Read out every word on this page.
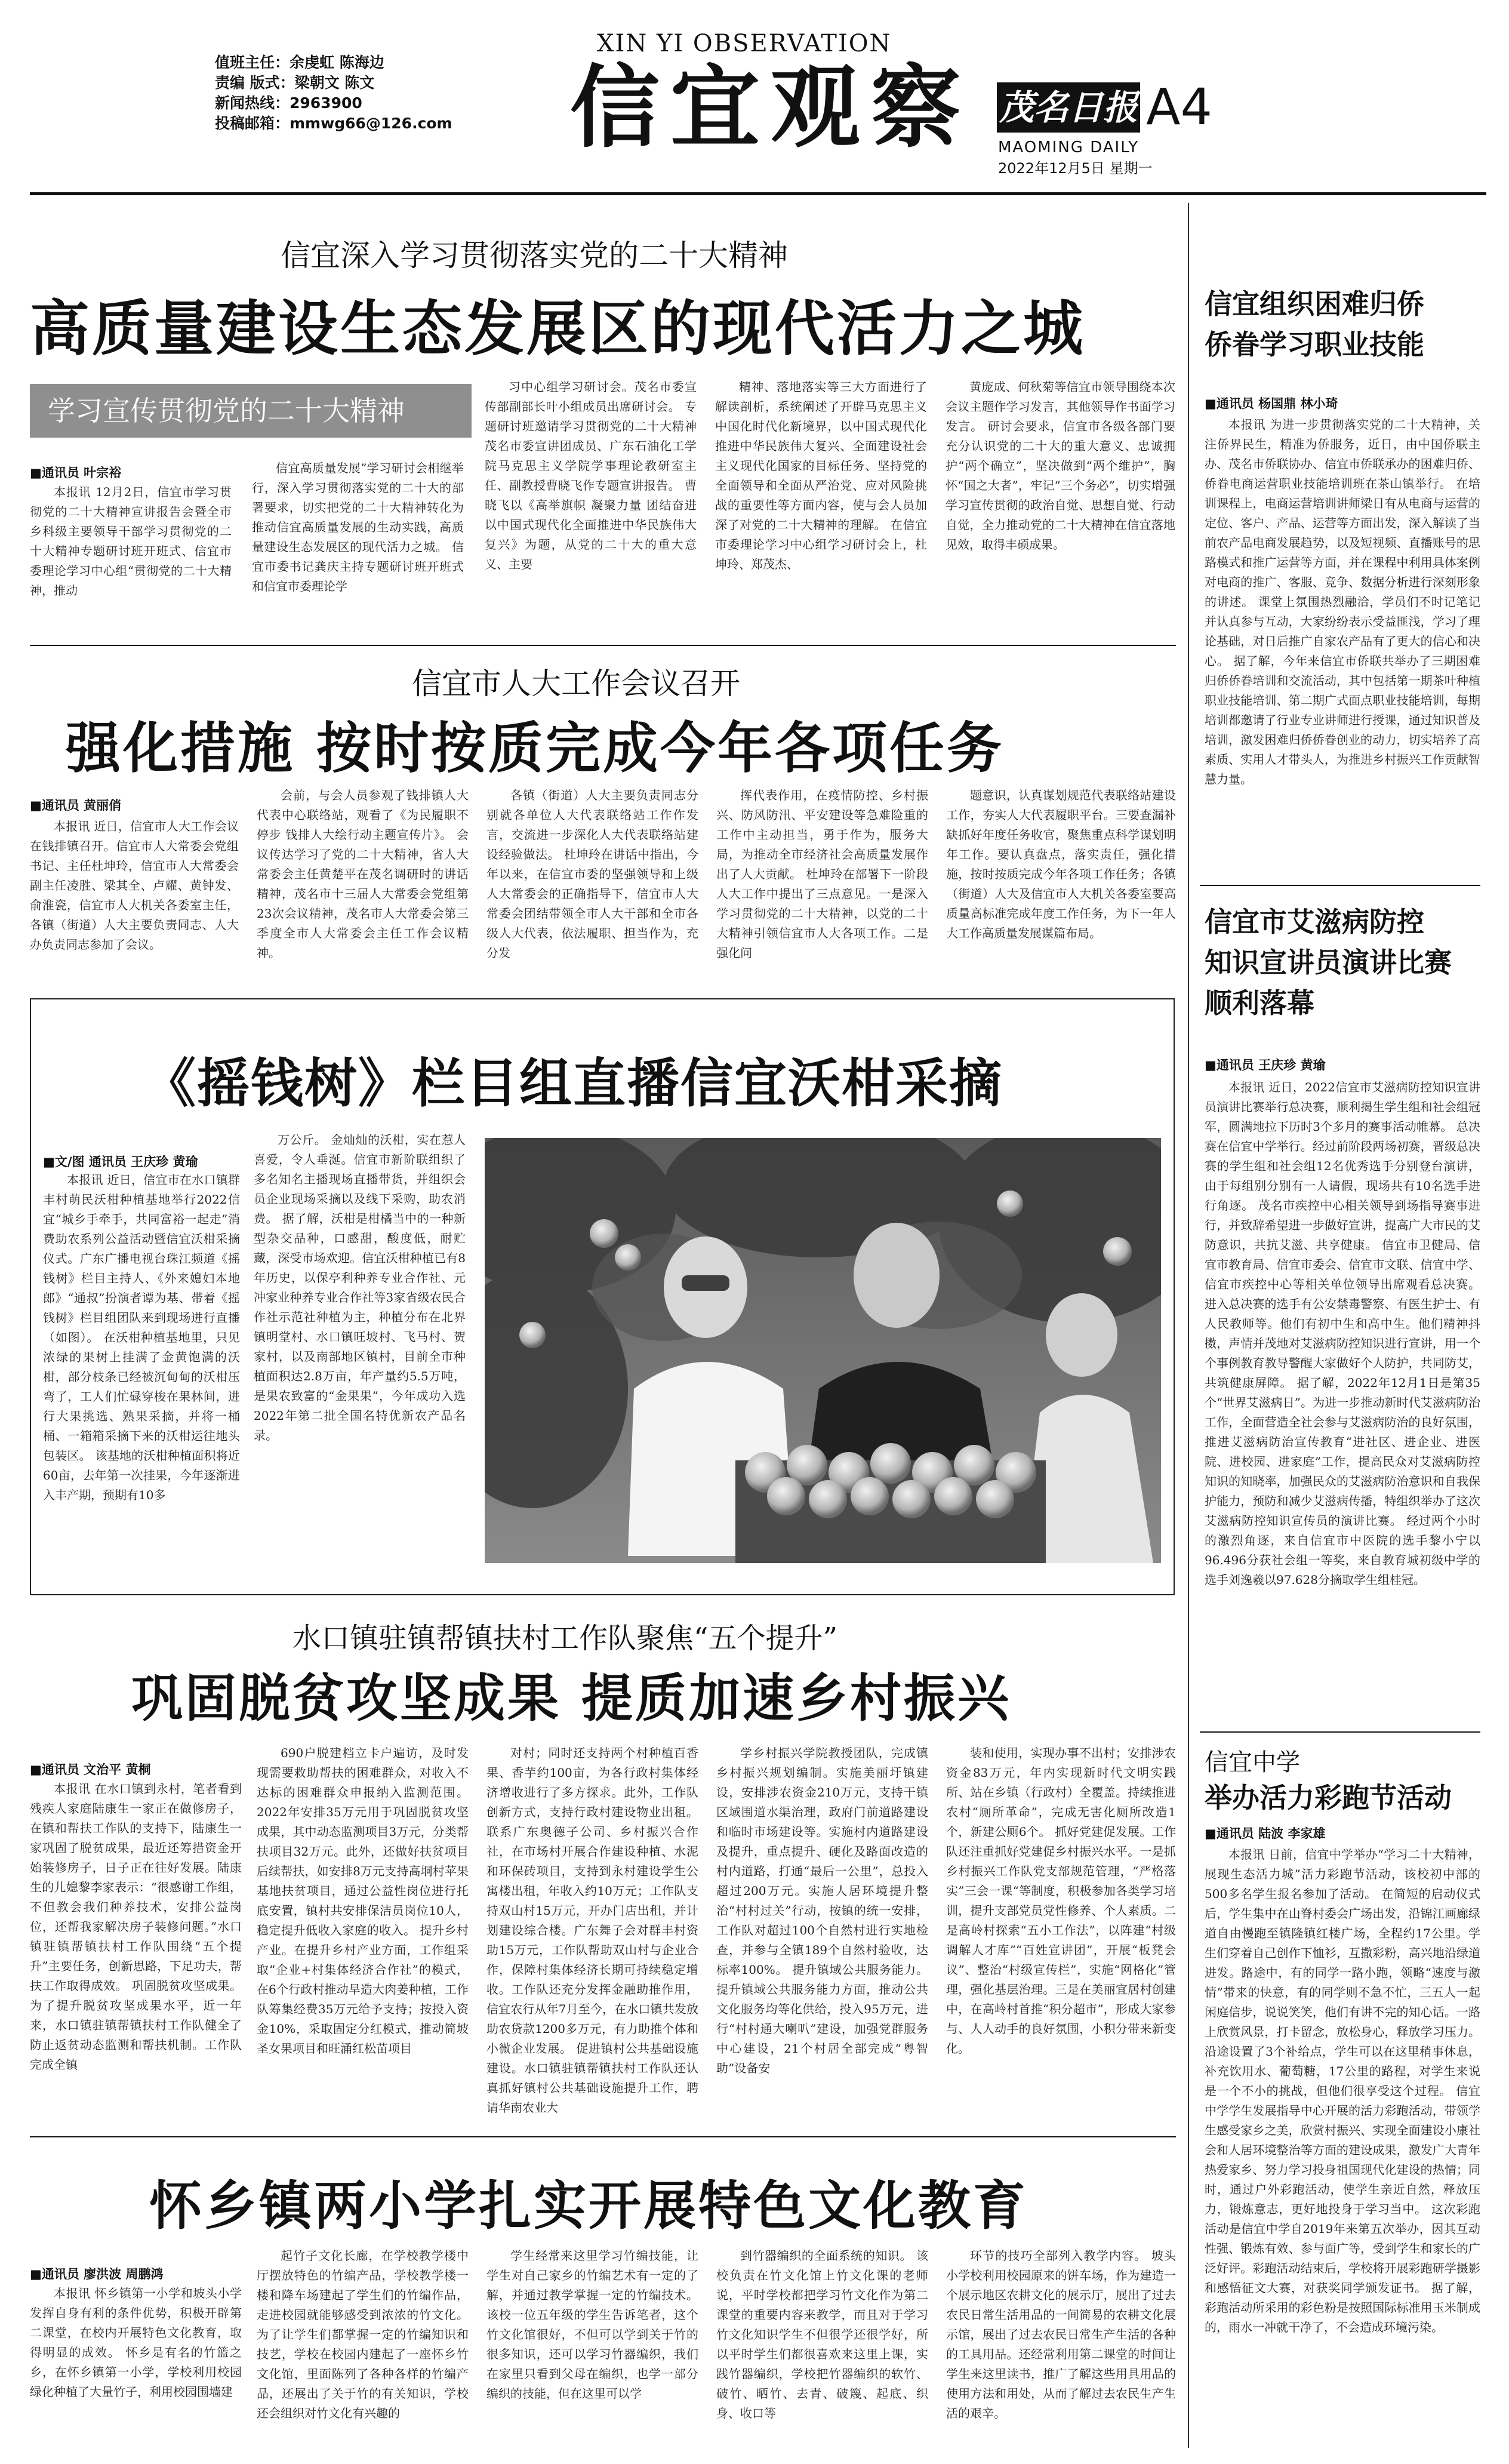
值班主任：余虔虹 陈海边
责编 版式：梁朝文 陈文
新闻热线：2963900
投稿邮箱：mmwg66@126.com
XIN YI OBSERVATION
信宜观察 茂名日报 A4
MAOMING DAILY
2022年12月5日 星期一
信宜深入学习贯彻落实党的二十大精神
高质量建设生态发展区的现代活力之城
学习宣传贯彻党的二十大精神
■通讯员 叶宗裕

本报讯 12月2日，信宜市学习贯彻党的二十大精神宣讲报告会暨全市乡科级主要领导干部学习贯彻党的二十大精神专题研讨班开班式、信宜市委理论学习中心组“贯彻党的二十大精神，推动

信宜高质量发展”学习研讨会相继举行，深入学习贯彻落实党的二十大的部署要求，切实把党的二十大精神转化为推动信宜高质量发展的生动实践，高质量建设生态发展区的现代活力之城。 信宜市委书记龚庆主持专题研讨班开班式和信宜市委理论学

习中心组学习研讨会。茂名市委宣传部副部长叶小组成员出席研讨会。 专题研讨班邀请学习贯彻党的二十大精神茂名市委宣讲团成员、广东石油化工学院马克思主义学院学事理论教研室主任、副教授曹晓飞作专题宣讲报告。 曹晓飞以《高举旗帜 凝聚力量 团结奋进 以中国式现代化全面推进中华民族伟大复兴》为题，从党的二十大的重大意义、主要

精神、落地落实等三大方面进行了解读剖析，系统阐述了开辟马克思主义中国化时代化新境界，以中国式现代化推进中华民族伟大复兴、全面建设社会主义现代化国家的目标任务、坚持党的全面领导和全面从严治党、应对风险挑战的重要性等方面内容，使与会人员加深了对党的二十大精神的理解。 在信宜市委理论学习中心组学习研讨会上，杜坤玲、郑茂杰、

黄庞成、何秋菊等信宜市领导围绕本次会议主题作学习发言，其他领导作书面学习发言。 研讨会要求，信宜市各级各部门要充分认识党的二十大的重大意义、忠诚拥护“两个确立”，坚决做到“两个维护”，胸怀“国之大者”，牢记“三个务必”，切实增强学习宣传贯彻的政治自觉、思想自觉、行动自觉，全力推动党的二十大精神在信宜落地见效，取得丰硕成果。

信宜市人大工作会议召开
强化措施 按时按质完成今年各项任务
■通讯员 黄丽俏

本报讯 近日，信宜市人大工作会议在钱排镇召开。信宜市人大常委会党组书记、主任杜坤玲，信宜市人大常委会副主任凌胜、梁其全、卢耀、黄钟发、俞淮瓷，信宜市人大机关各委室主任，各镇（街道）人大主要负责同志、人大办负责同志参加了会议。

会前，与会人员参观了钱排镇人大代表中心联络站，观看了《为民履职不停步 钱排人大绘行动主题宣传片》。 会议传达学习了党的二十大精神，省人大常委会主任黄楚平在茂名调研时的讲话精神，茂名市十三届人大常委会党组第23次会议精神，茂名市人大常委会第三季度全市人大常委会主任工作会议精神。

各镇（街道）人大主要负责同志分别就各单位人大代表联络站工作作发言，交流进一步深化人大代表联络站建设经验做法。 杜坤玲在讲话中指出，今年以来，在信宜市委的坚强领导和上级人大常委会的正确指导下，信宜市人大常委会团结带领全市人大干部和全市各级人大代表，依法履职、担当作为，充分发

挥代表作用，在疫情防控、乡村振兴、防风防汛、平安建设等急难险重的工作中主动担当，勇于作为，服务大局，为推动全市经济社会高质量发展作出了人大贡献。 杜坤玲在部署下一阶段人大工作中提出了三点意见。一是深入学习贯彻党的二十大精神，以党的二十大精神引领信宜市人大各项工作。二是强化问

题意识，认真谋划规范代表联络站建设工作，夯实人大代表履职平台。三要查漏补缺抓好年度任务收官，聚焦重点科学谋划明年工作。要认真盘点，落实责任，强化措施，按时按质完成今年各项工作任务；各镇（街道）人大及信宜市人大机关各委室要高质量高标准完成年度工作任务，为下一年人大工作高质量发展谋篇布局。

《摇钱树》栏目组直播信宜沃柑采摘
■文/图 通讯员 王庆珍 黄瑜

本报讯 近日，信宜市在水口镇群丰村萌民沃柑种植基地举行2022信宜“城乡手牵手，共同富裕一起走”消费助农系列公益活动暨信宜沃柑采摘仪式。广东广播电视台珠江频道《摇钱树》栏目主持人、《外来媳妇本地郎》“通叔”扮演者谭为基、带着《摇钱树》栏目组团队来到现场进行直播（如图）。 在沃柑种植基地里，只见浓绿的果树上挂满了金黄饱满的沃柑，部分枝条已经被沉甸甸的沃柑压弯了，工人们忙碌穿梭在果林间，进行大果挑选、熟果采摘，并将一桶桶、一箱箱采摘下来的沃柑运往地头包装区。 该基地的沃柑种植面积将近60亩，去年第一次挂果，今年逐渐进入丰产期，预期有10多

万公斤。 金灿灿的沃柑，实在惹人喜爱，令人垂涎。信宜市新阶联组织了多名知名主播现场直播带货，并组织会员企业现场采摘以及线下采购，助农消费。 据了解，沃柑是柑橘当中的一种新型杂交品种，口感甜，酸度低，耐贮藏，深受市场欢迎。信宜沃柑种植已有8年历史，以保亭利种养专业合作社、元冲家业种养专业合作社等3家省级农民合作社示范社种植为主，种植分布在北界镇明堂村、水口镇旺坡村、飞马村、贺家村，以及南部地区镇村，目前全市种植面积达2.8万亩，年产量约5.5万吨，是果农致富的“金果果”，今年成功入选2022年第二批全国名特优新农产品名录。

水口镇驻镇帮镇扶村工作队聚焦“五个提升”
巩固脱贫攻坚成果 提质加速乡村振兴
■通讯员 文治平 黄桐

本报讯 在水口镇到永村，笔者看到残疾人家庭陆康生一家正在做修房子，在镇和帮扶工作队的支持下，陆康生一家巩固了脱贫成果，最近还筹措资金开始装修房子，日子正在往好发展。陆康生的儿媳黎李家表示：“很感谢工作组，不但教会我们种养技术，安排公益岗位，还帮我家解决房子装修问题。”水口镇驻镇帮镇扶村工作队围绕“五个提升”主要任务，创新思路，下足功夫，帮扶工作取得成效。 巩固脱贫攻坚成果。为了提升脱贫攻坚成果水平，近一年来，水口镇驻镇帮镇扶村工作队健全了防止返贫动态监测和帮扶机制。工作队完成全镇

690户脱建档立卡户遍访，及时发现需要救助帮扶的困难群众，对收入不达标的困难群众申报纳入监测范围。2022年安排35万元用于巩固脱贫攻坚成果，其中动态监测项目3万元，分类帮扶项目32万元。此外，还做好扶贫项目后续帮扶，如安排8万元支持高垌村苹果基地扶贫项目，通过公益性岗位进行托底安置，镇村共安排保洁员岗位10人，稳定提升低收入家庭的收入。 提升乡村产业。在提升乡村产业方面，工作组采取“企业+村集体经济合作社”的模式，在6个行政村推动旱造大肉姜种植，工作队筹集经费35万元给予支持；按投入资金10%，采取固定分红模式，推动简坡圣女果项目和旺涌红松苗项目

对村；同时还支持两个村种植百香果、香芋约100亩，为各行政村集体经济增收进行了多方探求。此外，工作队创新方式，支持行政村建设物业出租。联系广东奥德子公司、乡村振兴合作社，在市场村开展合作建设种植、水泥和环保砖项目，支持到永村建设学生公寓楼出租，年收入约10万元；工作队支持双山村15万元，开办门店出租，并计划建设综合楼。广东舞子会对群丰村资助15万元，工作队帮助双山村与企业合作，保障村集体经济长期可持续稳定增收。工作队还充分发挥金融助推作用，信宜农行从年7月至今，在水口镇共发放助农贷款1200多万元，有力助推个体和小微企业发展。 促进镇村公共基础设施建设。水口镇驻镇帮镇扶村工作队还认真抓好镇村公共基础设施提升工作，聘请华南农业大

学乡村振兴学院教授团队，完成镇乡村振兴规划编制。实施美丽圩镇建设，安排涉农资金210万元，支持干镇区域围道水渠治理，政府门前道路建设和临时市场建设等。实施村内道路建设及提升，重点提升、硬化及路面改造的村内道路，打通“最后一公里”，总投入超过200万元。实施人居环境提升整治“村村过关”行动，按镇的统一安排，工作队对超过100个自然村进行实地检查，并参与全镇189个自然村验收，达标率100%。 提升镇域公共服务能力。提升镇域公共服务能力方面，推动公共文化服务均等化供给，投入95万元，进行“村村通大喇叭”建设，加强党群服务中心建设，21个村居全部完成“粤智助”设备安

装和使用，实现办事不出村；安排涉农资金83万元，年内实现新时代文明实践所、站在乡镇（行政村）全覆盖。持续推进农村“厕所革命”，完成无害化厕所改造1个，新建公厕6个。 抓好党建促发展。工作队还注重抓好党建促乡村振兴水平。一是抓乡村振兴工作队党支部规范管理，“严格落实”三会一课“等制度，积极参加各类学习培训，提升支部党员党性修养、个人素质。二是高岭村探索“五小工作法”，以阵建“村级调解人才库”“百姓宣讲团”，开展“板凳会议”、整治“村级宣传栏”，实施“网格化”管理，强化基层治理。三是在美丽宜居村创建中，在高岭村首推“积分超市”，形成大家参与、人人动手的良好氛围，小积分带来新变化。

怀乡镇两小学扎实开展特色文化教育
■通讯员 廖洪波 周鹏鸿

本报讯 怀乡镇第一小学和坡头小学发挥自身有利的条件优势，积极开辟第二课堂，在校内开展特色文化教育，取得明显的成效。 怀乡是有名的竹篮之乡，在怀乡镇第一小学，学校利用校园绿化种植了大量竹子，利用校园围墙建

起竹子文化长廊，在学校教学楼中厅摆放特色的竹编产品，学校教学楼一楼和降车场建起了学生们的竹编作品，走进校园就能够感受到浓浓的竹文化。为了让学生们都掌握一定的竹编知识和技艺，学校在校园内建起了一座怀乡竹文化馆，里面陈列了各种各样的竹编产品，还展出了关于竹的有关知识，学校还会组织对竹文化有兴趣的

学生经常来这里学习竹编技能，让学生对自己家乡的竹编艺术有一定的了解，并通过教学掌握一定的竹编技术。 该校一位五年级的学生告诉笔者，这个竹文化馆很好，不但可以学到关于竹的很多知识，还可以学习竹器编织，我们在家里只看到父母在编织，也学一部分编织的技能，但在这里可以学

到竹器编织的全面系统的知识。 该校负责在竹文化馆上竹文化课的老师说，平时学校都把学习竹文化作为第二课堂的重要内容来教学，而且对于学习竹文化知识学生不但很学还很学好，所以平时学生们都很喜欢来这里上课，实践竹器编织，学校把竹器编织的软竹、破竹、晒竹、去青、破篾、起底、织身、收口等

环节的技巧全部列入教学内容。 坡头小学校利用校园原来的饼车场，作为建造一个展示地区农耕文化的展示厅，展出了过去农民日常生活用品的一间简易的农耕文化展示馆，展出了过去农民日常生产生活的各种的工具用品。还经常利用第二课堂的时间让学生来这里读书，推广了解这些用具用品的使用方法和用处，从而了解过去农民生产生活的艰辛。

信宜组织困难归侨
侨眷学习职业技能
■通讯员 杨国鼎 林小琦

本报讯 为进一步贯彻落实党的二十大精神，关注侨界民生，精准为侨服务，近日，由中国侨联主办、茂名市侨联协办、信宜市侨联承办的困难归侨、侨眷电商运营职业技能培训班在茶山镇举行。 在培训课程上，电商运营培训讲师梁日有从电商与运营的定位、客户、产品、运营等方面出发，深入解读了当前农产品电商发展趋势，以及短视频、直播账号的思路模式和推广运营等方面，并在课程中利用具体案例对电商的推广、客服、竞争、数据分析进行深刻形象的讲述。 课堂上氛围热烈融洽，学员们不时记笔记并认真参与互动，大家纷纷表示受益匪浅，学习了理论基础，对日后推广自家农产品有了更大的信心和决心。 据了解，今年来信宜市侨联共举办了三期困难归侨侨眷培训和交流活动，其中包括第一期茶叶种植职业技能培训、第二期广式面点职业技能培训，每期培训都邀请了行业专业讲师进行授课，通过知识普及培训，激发困难归侨侨眷创业的动力，切实培养了高素质、实用人才带头人，为推进乡村振兴工作贡献智慧力量。

信宜市艾滋病防控
知识宣讲员演讲比赛
顺利落幕
■通讯员 王庆珍 黄瑜

本报讯 近日，2022信宜市艾滋病防控知识宣讲员演讲比赛举行总决赛，顺利揭生学生组和社会组冠军，圆满地拉下历时3个多月的赛事活动帷幕。 总决赛在信宜中学举行。经过前阶段两场初赛，晋级总决赛的学生组和社会组12名优秀选手分别登台演讲，由于每组别分别有一人请假，现场共有10名选手进行角逐。 茂名市疾控中心相关领导到场指导赛事进行，并致辞希望进一步做好宣讲，提高广大市民的艾防意识，共抗艾滋、共享健康。 信宜市卫健局、信宜市教育局、信宜市委会、信宜市文联、信宜中学、信宜市疾控中心等相关单位领导出席观看总决赛。 进入总决赛的选手有公安禁毒警察、有医生护士、有人民教师等。他们有初中生和高中生。他们精神抖擞，声情并茂地对艾滋病防控知识进行宣讲，用一个个事例教育教导警醒大家做好个人防护，共同防艾，共筑健康屏障。 据了解，2022年12月1日是第35个“世界艾滋病日”。为进一步推动新时代艾滋病防治工作，全面营造全社会参与艾滋病防治的良好氛围，推进艾滋病防治宣传教育“进社区、进企业、进医院、进校园、进家庭”工作，提高民众对艾滋病防控知识的知晓率，加强民众的艾滋病防治意识和自我保护能力，预防和减少艾滋病传播，特组织举办了这次艾滋病防控知识宣传员的演讲比赛。 经过两个小时的激烈角逐，来自信宜市中医院的选手黎小宁以96.496分获社会组一等奖，来自教育城初级中学的选手刘逸羲以97.628分摘取学生组桂冠。

信宜中学
举办活力彩跑节活动
■通讯员 陆波 李家雄

本报讯 日前，信宜中学举办“学习二十大精神，展现生态活力城”活力彩跑节活动，该校初中部的500多名学生报名参加了活动。 在简短的启动仪式后，学生集中在山脊村委会广场出发，沿锦江画廊绿道自由慢跑至镇隆镇红楼广场，全程约17公里。学生们穿着自己创作下恤衫，互撒彩粉，高兴地沿绿道进发。路途中，有的同学一路小跑，领略“速度与激情”带来的快意，有的同学则不急不忙，三五人一起闲庭信步，说说笑笑，他们有讲不完的知心话。一路上欣赏风景，打卡留念，放松身心，释放学习压力。沿途设置了3个补给点，学生可以在这里稍事休息，补充饮用水、葡萄糖，17公里的路程，对学生来说是一个不小的挑战，但他们很享受这个过程。 信宜中学学生发展指导中心开展的活力彩跑活动，带领学生感受家乡之美，欣赏村振兴、实现全面建设小康社会和人居环境整治等方面的建设成果，激发广大青年热爱家乡、努力学习投身祖国现代化建设的热情；同时，通过户外彩跑活动，使学生亲近自然，释放压力，锻炼意志，更好地投身于学习当中。 这次彩跑活动是信宜中学自2019年来第五次举办，因其互动性强、锻炼有效、参与面广等，受到学生和家长的广泛好评。彩跑活动结束后，学校将开展彩跑研学摄影和感悟征文大赛，对获奖同学颁发证书。 据了解，彩跑活动所采用的彩色粉是按照国际标准用玉米制成的，雨水一冲就干净了，不会造成环境污染。
